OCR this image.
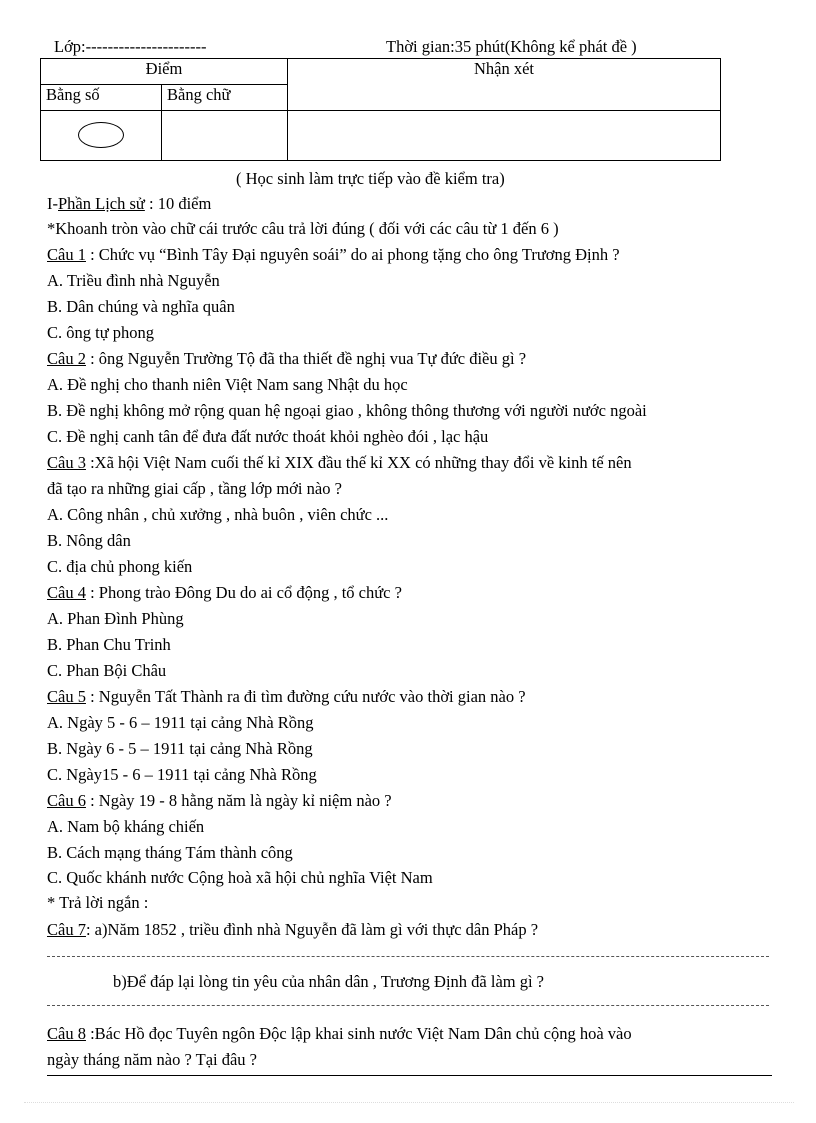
Lớp:----------------------	Thời gian:35 phút(Không kể phát đề )
Điểm		Nhận xét
Bằng số	Bằng chữ	

( Học sinh làm trực tiếp vào đề kiểm tra)
I-Phần Lịch sử : 10 điểm
*Khoanh tròn vào chữ cái trước câu trả lời đúng ( đối với các câu từ 1 đến 6 )
Câu 1 : Chức vụ “Bình Tây Đại nguyên soái” do ai phong tặng cho ông Trương Định ?
A. Triều đình nhà Nguyễn
B. Dân chúng và nghĩa quân
C. ông tự phong
Câu 2 : ông Nguyễn Trường Tộ đã tha thiết đề nghị vua Tự đức điều gì ?
A. Đề nghị cho thanh niên Việt Nam sang Nhật du học
B. Đề nghị không mở rộng quan hệ ngoại giao , không thông thương với người nước ngoài
C. Đề nghị canh tân để đưa đất nước thoát khỏi nghèo đói , lạc hậu
Câu 3 :Xã hội Việt Nam cuối thế kỉ XIX đầu thế kỉ XX có những thay đổi về kinh tế nên
đã tạo ra những giai cấp , tầng lớp mới nào ?
A. Công nhân , chủ xưởng , nhà buôn , viên chức ...
B. Nông dân
C. địa chủ phong kiến
Câu 4 : Phong trào Đông Du do ai cổ động , tổ chức ?
A. Phan Đình Phùng
B. Phan Chu Trinh
C. Phan Bội Châu
Câu 5 : Nguyễn Tất Thành ra đi tìm đường cứu nước vào thời gian nào ?
A. Ngày 5 - 6 – 1911 tại cảng Nhà Rồng
B. Ngày 6 - 5 – 1911 tại cảng Nhà Rồng
C. Ngày15 - 6 – 1911 tại cảng Nhà Rồng
Câu 6 : Ngày 19 - 8 hằng năm là ngày kỉ niệm nào ?
A. Nam bộ kháng chiến
B. Cách mạng tháng Tám thành công
C. Quốc khánh nước Cộng hoà xã hội chủ nghĩa Việt Nam
* Trả lời ngắn :
Câu 7: a)Năm 1852 , triều đình nhà Nguyễn đã làm gì với thực dân Pháp ?
b)Để đáp lại lòng tin yêu của nhân dân , Trương Định đã làm gì ?
Câu 8 :Bác Hồ đọc Tuyên ngôn Độc lập khai sinh nước Việt Nam Dân chủ cộng hoà vào
ngày tháng năm nào ? Tại đâu ?
